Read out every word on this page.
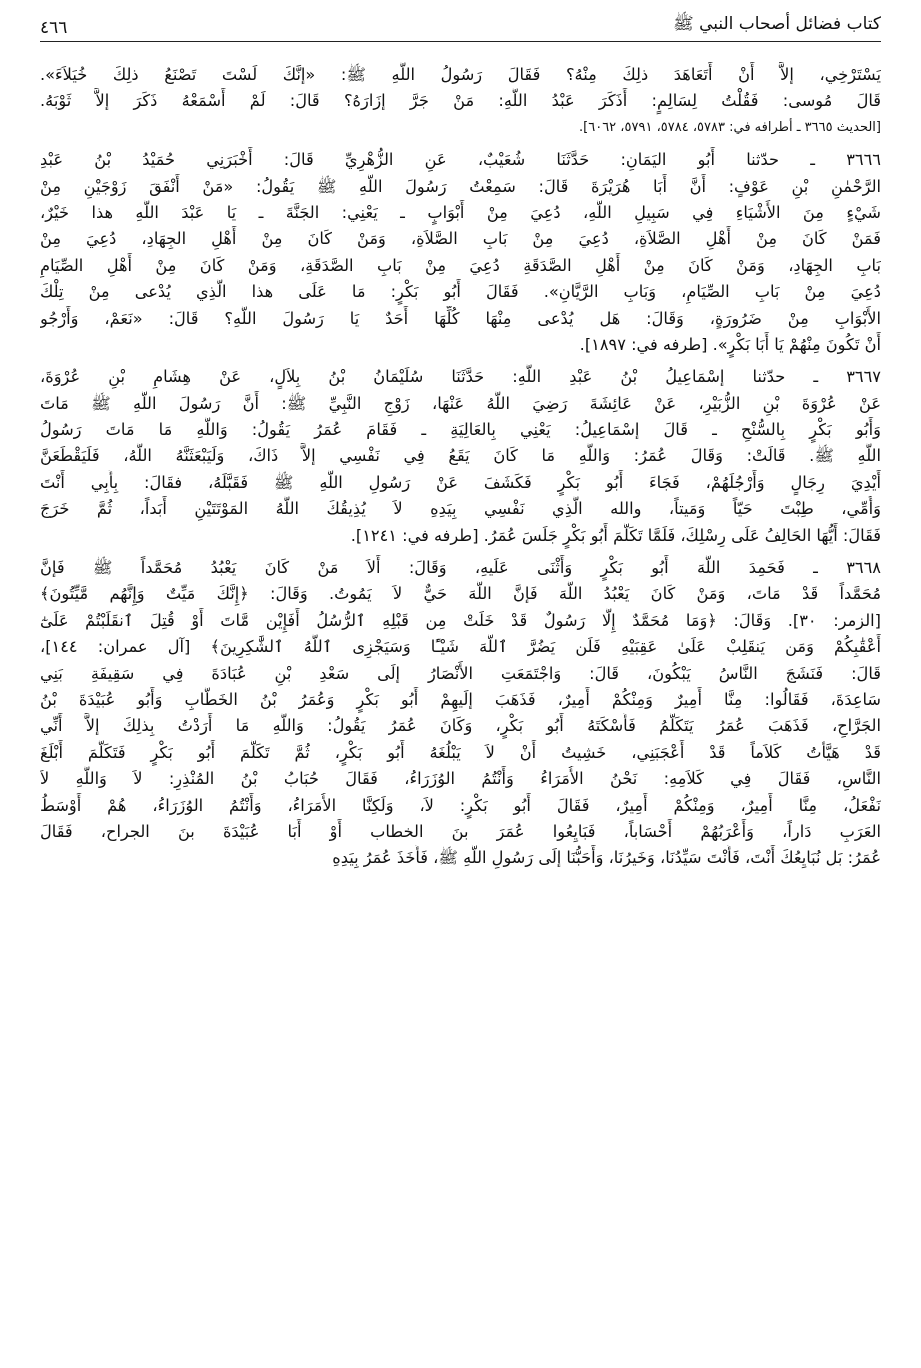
كتاب فضائل أصحاب النبي ﷺ
٤٦٦
يَسْتَرْخِي، إلاَّ أَنْ أَتَعَاهَدَ ذلِكَ مِنْهُ؟ فَقَالَ رَسُولُ اللَّهِ ﷺ: «إنَّكَ لَسْتَ تَصْنَعُ ذلِكَ خُيَلاَءَ».
قَالَ مُوسى: فَقُلْتُ لِسَالِمٍ: أَذَكَرَ عَبْدُ اللَّهِ: مَنْ جَرَّ إزَارَهُ؟ قَالَ: لَمْ أَسْمَعْهُ ذَكَرَ إلاَّ ثَوْبَهُ.
[الحديث ٣٦٦٥ ـ أطرافه في: ٥٧٨٣، ٥٧٨٤، ٥٧٩١، ٦٠٦٢].
٣٦٦٦ ـ حدّثنا أَبُو اليَمَانِ: حَدَّثَنَا شُعَيْبٌ، عَنِ الزُّهْرِيِّ قَالَ: أَخْبَرَنِي حُمَيْدُ بْنُ عَبْدِ
الرَّحْمٰنِ بْنِ عَوْفٍ: أَنَّ أَبَا هُرَيْرَةَ قَالَ: سَمِعْتُ رَسُولَ اللَّهِ ﷺ يَقُولُ: «مَنْ أَنْفَقَ زَوْجَيْنِ مِنْ
شَيْءٍ مِنَ الأَشْيَاءِ فِي سَبِيلِ اللَّهِ، دُعِيَ مِنْ أَبْوَابٍ ـ يَعْنِي: الجَنَّةَ ـ يَا عَبْدَ اللَّهِ هذا خَيْرٌ،
فَمَنْ كَانَ مِنْ أَهْلِ الصَّلاَةِ، دُعِيَ مِنْ بَابِ الصَّلاَةِ، وَمَنْ كَانَ مِنْ أَهْلِ الجِهَادِ، دُعِيَ مِنْ
بَابِ الجِهَادِ، وَمَنْ كَانَ مِنْ أَهْلِ الصَّدَقَةِ دُعِيَ مِنْ بَابِ الصَّدَقَةِ، وَمَنْ كَانَ مِنْ أَهْلِ الصِّيَامِ
دُعِيَ مِنْ بَابِ الصِّيَامِ، وَبَابِ الرَّيَّانِ». فَقَالَ أَبُو بَكْرٍ: مَا عَلَى هذا الَّذِي يُدْعى مِنْ تِلْكَ
الأَبْوَابِ مِنْ ضَرُورَةٍ، وَقَالَ: هَل يُدْعى مِنْهَا كُلِّهَا أَحَدٌ يَا رَسُولَ اللَّهِ؟ قَالَ: «نَعَمْ، وَأَرْجُو
أَنْ تَكُونَ مِنْهُمْ يَا أَبَا بَكْرٍ». [طرفه في: ١٨٩٧].
٣٦٦٧ ـ حدّثنا إسْمَاعِيلُ بْنُ عَبْدِ اللَّهِ: حَدَّثَنَا سُلَيْمَانُ بْنُ بِلاَلٍ، عَنْ هِشَامِ بْنِ عُرْوَةَ،
عَنْ عُرْوَةَ بْنِ الزُّبَيْرِ، عَنْ عَائِشَةَ رَضِيَ اللَّهُ عَنْهَا، زَوْجِ النَّبِيِّ ﷺ: أَنَّ رَسُولَ اللَّهِ ﷺ مَاتَ
وَأَبُو بَكْرٍ بِالسُّنْحِ ـ قَالَ إسْمَاعِيلُ: يَعْنِي بِالعَالِيَةِ ـ فَقَامَ عُمَرُ يَقُولُ: وَاللَّهِ مَا مَاتَ رَسُولُ
اللَّهِ ﷺ. قَالَتْ: وَقَالَ عُمَرُ: وَاللَّهِ مَا كَانَ يَقَعُ فِي نَفْسِي إلاَّ ذَاكَ، وَلَيَبْعَثَنَّهُ اللَّهُ، فَلَيَقْطَعَنَّ
أَيْدِيَ رِجَالٍ وَأَرْجُلَهُمْ، فَجَاءَ أَبُو بَكْرٍ فَكَشَفَ عَنْ رَسُولِ اللَّهِ ﷺ فَقَبَّلَهُ، فقَالَ: بِأَبِي أَنْتَ
وَأُمِّي، طِبْتَ حَيّاً وَمَيتاً، والله الَّذِي نَفْسِي بِيَدِهِ لاَ يُذِيقُكَ اللَّهُ المَوْتَتَيْنِ أَبَداً، ثُمَّ خَرَجَ
فَقَالَ: أَيُّهَا الحَالِفُ عَلَى رِسْلِكَ، فَلَمَّا تَكَلَّمَ أَبُو بَكْرٍ جَلَسَ عُمَرُ. [طرفه في: ١٢٤١].
٣٦٦٨ ـ فَحَمِدَ اللَّهَ أَبُو بَكْرٍ وَأَثْنَى عَلَيهِ، وَقَالَ: أَلاَ مَنْ كَانَ يَعْبُدُ مُحَمَّداً ﷺ فَإنَّ
مُحَمَّداً قَدْ مَاتَ، وَمَنْ كَانَ يَعْبُدُ اللَّهَ فَإنَّ اللَّهَ حَيٌّ لاَ يَمُوتُ. وَقَالَ: ﴿إِنَّكَ مَيِّتٌ وَإِنَّهُم مَّيِّتُونَ﴾
[الزمر: ٣٠]. وَقَالَ: ﴿وَمَا مُحَمَّدٌ إِلَّا رَسُولٌ قَدْ خَلَتْ مِن قَبْلِهِ ٱلرُّسُلُ أَفَإِيْن مَّاتَ أَوْ قُتِلَ ٱنقَلَبْتُمْ عَلَىٰٓ
أَعْقَٰبِكُمْ وَمَن يَنقَلِبْ عَلَىٰ عَقِبَيْهِ فَلَن يَضُرَّ ٱللَّهَ شَيْـًٔا وَسَيَجْزِى ٱللَّهُ ٱلشَّٰكِرِينَ﴾ [آل عمران: ١٤٤]،
قَالَ: فَنَشَجَ النَّاسُ يَبْكُونَ، قَالَ: وَاجْتَمَعَتِ الأَنْصَارُ إلَى سَعْدِ بْنِ عُبَادَةَ فِي سَقِيفَةِ بَنِي
سَاعِدَةَ، فَقَالُوا: مِنَّا أَمِيرٌ وَمِنْكُمْ أَمِيرٌ، فَذَهَبَ إلَيهِمْ أَبُو بَكْرٍ وَعُمَرُ بْنُ الخَطَّابِ وَأَبُو عُبَيْدَةَ بْنُ
الجَرَّاحِ، فَذَهَبَ عُمَرُ يَتَكَلَّمُ فَأَسْكَتَهُ أَبُو بَكْرٍ، وَكَانَ عُمَرُ يَقُولُ: وَاللَّهِ مَا أَرَدْتُ بِذلِكَ إلاَّ أَنِّي
قَدْ هَيَّأْتُ كَلاَماً قَدْ أَعْجَبَنِي، خَشِيتُ أَنْ لاَ يَبْلُغَهُ أَبُو بَكْرٍ، ثُمَّ تَكَلَّمَ أَبُو بَكْرٍ فَتَكَلَّمَ أَبْلَغَ
النَّاسِ، فَقَالَ فِي كَلاَمِهِ: نَحْنُ الأُمَرَاءُ وَأَنْتُمُ الوُزَرَاءُ، فَقَالَ حُبَابُ بْنُ المُنْذِرِ: لاَ وَاللَّهِ لاَ
نَفْعَلُ، مِنَّا أَمِيرٌ، وَمِنْكُمْ أَمِيرٌ، فَقَالَ أَبُو بَكْرٍ: لاَ، وَلَكِنَّا الأُمَرَاءُ، وَأَنْتُمُ الوُزَرَاءُ، هُمْ أَوْسَطُ
العَرَبِ دَاراً، وَأَعْرَبُهُمْ أَحْسَاباً، فَبَايِعُوا عُمَرَ بنَ الخطاب أَوْ أَبَا عُبَيْدَةَ بنَ الجراح، فَقَالَ
عُمَرُ: بَل نُبَايِعُكَ أَنْتَ، فَأَنْتَ سَيِّدُنَا، وَخَيرُنَا، وَأَحَبُّنَا إلَى رَسُولِ اللَّهِ ﷺ، فَأَخَذَ عُمَرُ بِيَدِهِ
